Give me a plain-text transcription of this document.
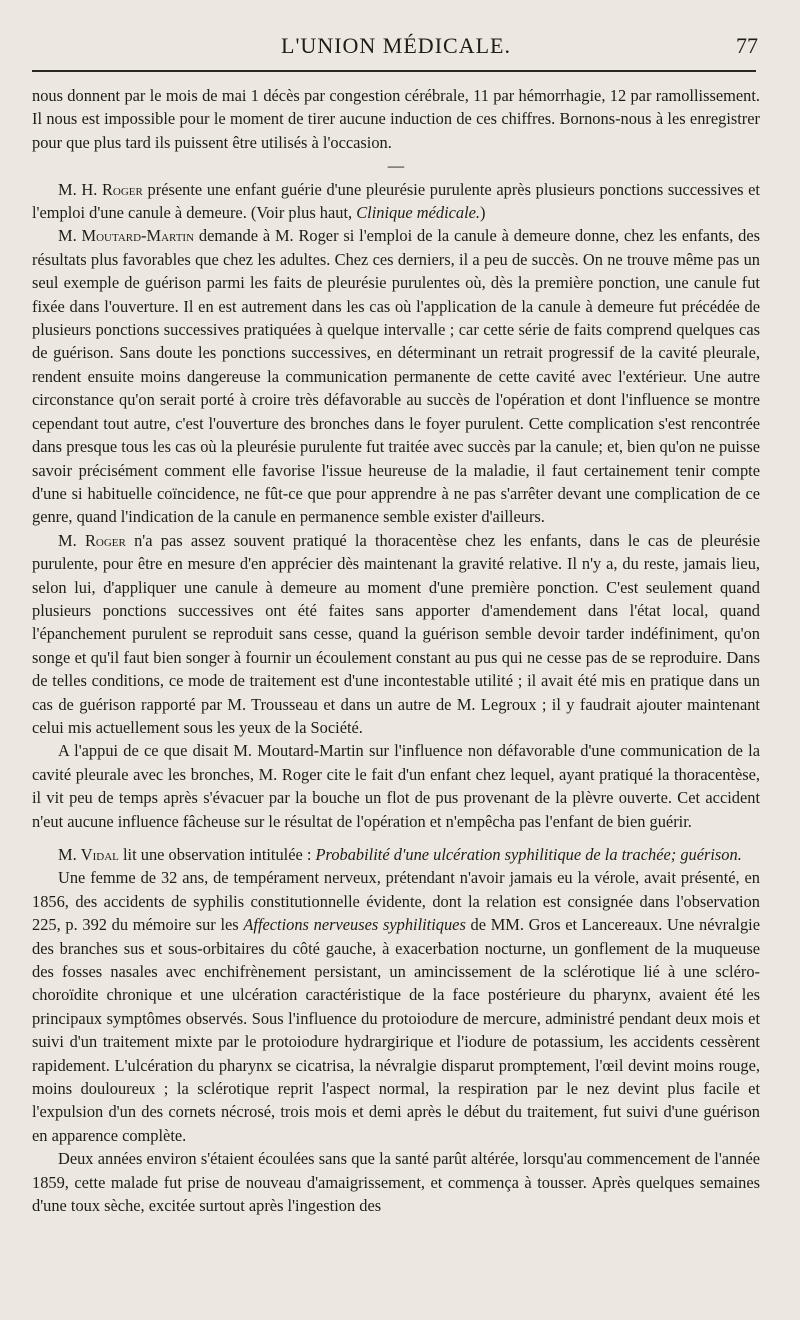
L'UNION MÉDICALE.	77

nous donnent par le mois de mai 1 décès par congestion cérébrale, 11 par hémorrhagie, 12 par ramollissement. Il nous est impossible pour le moment de tirer aucune induction de ces chiffres. Bornons-nous à les enregistrer pour que plus tard ils puissent être utilisés à l'occasion.

—

M. H. Roger présente une enfant guérie d'une pleurésie purulente après plusieurs ponctions successives et l'emploi d'une canule à demeure. (Voir plus haut, Clinique médicale.)

M. Moutard-Martin demande à M. Roger si l'emploi de la canule à demeure donne, chez les enfants, des résultats plus favorables que chez les adultes. Chez ces derniers, il a peu de succès. On ne trouve même pas un seul exemple de guérison parmi les faits de pleurésie purulentes où, dès la première ponction, une canule fut fixée dans l'ouverture. Il en est autrement dans les cas où l'application de la canule à demeure fut précédée de plusieurs ponctions successives pratiquées à quelque intervalle ; car cette série de faits comprend quelques cas de guérison. Sans doute les ponctions successives, en déterminant un retrait progressif de la cavité pleurale, rendent ensuite moins dangereuse la communication permanente de cette cavité avec l'extérieur. Une autre circonstance qu'on serait porté à croire très défavorable au succès de l'opération et dont l'influence se montre cependant tout autre, c'est l'ouverture des bronches dans le foyer purulent. Cette complication s'est rencontrée dans presque tous les cas où la pleurésie purulente fut traitée avec succès par la canule; et, bien qu'on ne puisse savoir précisément comment elle favorise l'issue heureuse de la maladie, il faut certainement tenir compte d'une si habituelle coïncidence, ne fût-ce que pour apprendre à ne pas s'arrêter devant une complication de ce genre, quand l'indication de la canule en permanence semble exister d'ailleurs.

M. Roger n'a pas assez souvent pratiqué la thoracentèse chez les enfants, dans le cas de pleurésie purulente, pour être en mesure d'en apprécier dès maintenant la gravité relative. Il n'y a, du reste, jamais lieu, selon lui, d'appliquer une canule à demeure au moment d'une première ponction. C'est seulement quand plusieurs ponctions successives ont été faites sans apporter d'amendement dans l'état local, quand l'épanchement purulent se reproduit sans cesse, quand la guérison semble devoir tarder indéfiniment, qu'on songe et qu'il faut bien songer à fournir un écoulement constant au pus qui ne cesse pas de se reproduire. Dans de telles conditions, ce mode de traitement est d'une incontestable utilité ; il avait été mis en pratique dans un cas de guérison rapporté par M. Trousseau et dans un autre de M. Legroux ; il y faudrait ajouter maintenant celui mis actuellement sous les yeux de la Société.

A l'appui de ce que disait M. Moutard-Martin sur l'influence non défavorable d'une communication de la cavité pleurale avec les bronches, M. Roger cite le fait d'un enfant chez lequel, ayant pratiqué la thoracentèse, il vit peu de temps après s'évacuer par la bouche un flot de pus provenant de la plèvre ouverte. Cet accident n'eut aucune influence fâcheuse sur le résultat de l'opération et n'empêcha pas l'enfant de bien guérir.

M. Vidal lit une observation intitulée : Probabilité d'une ulcération syphilitique de la trachée; guérison.

Une femme de 32 ans, de tempérament nerveux, prétendant n'avoir jamais eu la vérole, avait présenté, en 1856, des accidents de syphilis constitutionnelle évidente, dont la relation est consignée dans l'observation 225, p. 392 du mémoire sur les Affections nerveuses syphilitiques de MM. Gros et Lancereaux. Une névralgie des branches sus et sous-orbitaires du côté gauche, à exacerbation nocturne, un gonflement de la muqueuse des fosses nasales avec enchifrènement persistant, un amincissement de la sclérotique lié à une scléro-choroïdite chronique et une ulcération caractéristique de la face postérieure du pharynx, avaient été les principaux symptômes observés. Sous l'influence du protoiodure de mercure, administré pendant deux mois et suivi d'un traitement mixte par le protoiodure hydrargirique et l'iodure de potassium, les accidents cessèrent rapidement. L'ulcération du pharynx se cicatrisa, la névralgie disparut promptement, l'œil devint moins rouge, moins douloureux ; la sclérotique reprit l'aspect normal, la respiration par le nez devint plus facile et l'expulsion d'un des cornets nécrosé, trois mois et demi après le début du traitement, fut suivi d'une guérison en apparence complète.

Deux années environ s'étaient écoulées sans que la santé parût altérée, lorsqu'au commencement de l'année 1859, cette malade fut prise de nouveau d'amaigrissement, et commença à tousser. Après quelques semaines d'une toux sèche, excitée surtout après l'ingestion des
